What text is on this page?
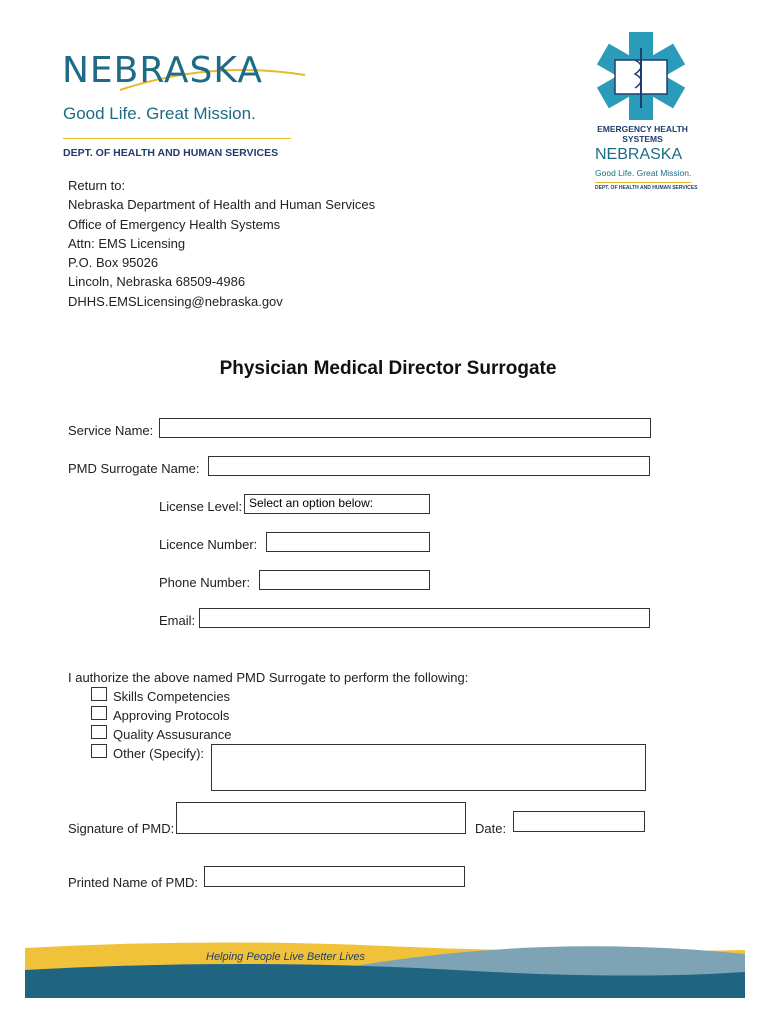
NEBRASKA
Good Life. Great Mission.
DEPT. OF HEALTH AND HUMAN SERVICES
EMERGENCY HEALTH
SYSTEMS
NEBRASKA
Good Life. Great Mission.
DEPT. OF HEALTH AND HUMAN SERVICES
Return to:
Nebraska Department of Health and Human Services
Office of Emergency Health Systems
Attn: EMS Licensing
P.O. Box 95026
Lincoln, Nebraska 68509-4986
DHHS.EMSLicensing@nebraska.gov
Physician Medical Director Surrogate
Service Name:
PMD Surrogate Name:
License Level: Select an option below:
Licence Number:
Phone Number:
Email:
I authorize the above named PMD Surrogate to perform the following:
Skills Competencies
Approving Protocols
Quality Assusurance
Other (Specify):
Signature of PMD:	Date:
Printed Name of PMD:
Helping People Live Better Lives
